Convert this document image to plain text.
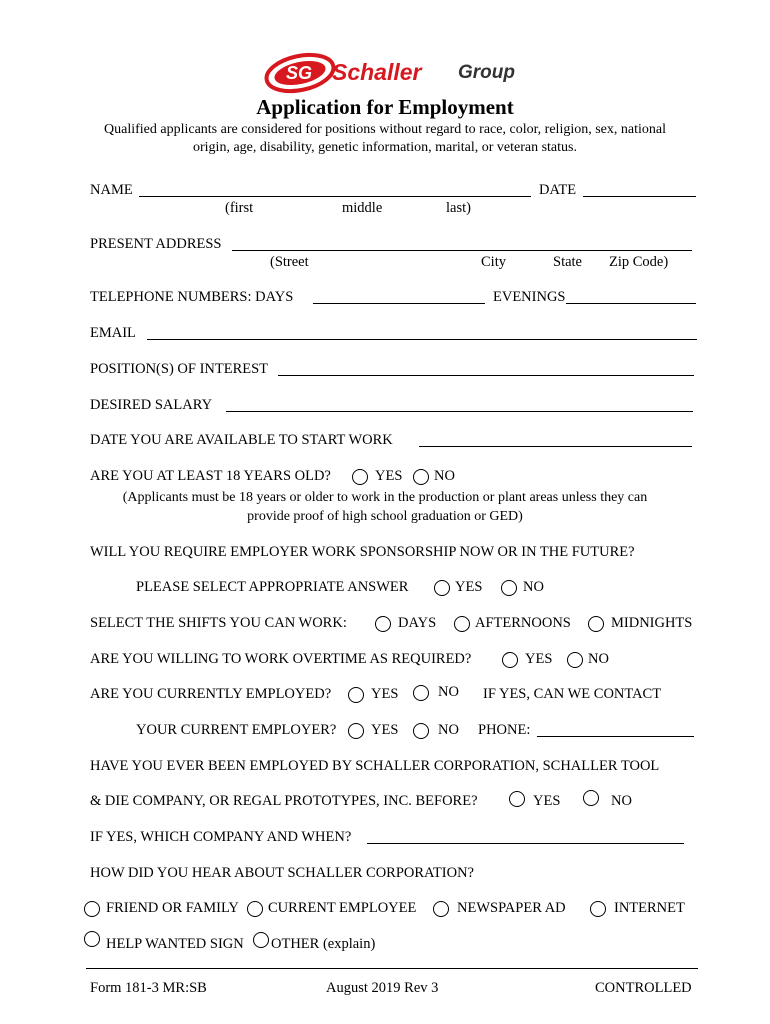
SG Schaller Group
Application for Employment
Qualified applicants are considered for positions without regard to race, color, religion, sex, national
origin, age, disability, genetic information, marital, or veteran status.
NAME	DATE
(first	middle	last)
PRESENT ADDRESS
(Street	City	State Zip Code)
TELEPHONE NUMBERS: DAYS	EVENINGS
EMAIL
POSITION(S) OF INTEREST
DESIRED SALARY
DATE YOU ARE AVAILABLE TO START WORK
ARE YOU AT LEAST 18 YEARS OLD?	YES NO
(Applicants must be 18 years or older to work in the production or plant areas unless they can
provide proof of high school graduation or GED)
WILL YOU REQUIRE EMPLOYER WORK SPONSORSHIP NOW OR IN THE FUTURE?
PLEASE SELECT APPROPRIATE ANSWER	YES	NO
SELECT THE SHIFTS YOU CAN WORK:	DAYS	AFTERNOONS	MIDNIGHTS
ARE YOU WILLING TO WORK OVERTIME AS REQUIRED?	YES NO
ARE YOU CURRENTLY EMPLOYED?	YES	NO IF YES, CAN WE CONTACT
YOUR CURRENT EMPLOYER? YES	NO PHONE:
HAVE YOU EVER BEEN EMPLOYED BY SCHALLER CORPORATION, SCHALLER TOOL
& DIE COMPANY, OR REGAL PROTOTYPES, INC. BEFORE?	YES	NO
IF YES, WHICH COMPANY AND WHEN?
HOW DID YOU HEAR ABOUT SCHALLER CORPORATION?
FRIEND OR FAMILY CURRENT EMPLOYEE	NEWSPAPER AD	INTERNET
HELP WANTED SIGN OTHER (explain)
Form 181-3 MR:SB	August 2019 Rev 3	CONTROLLED
